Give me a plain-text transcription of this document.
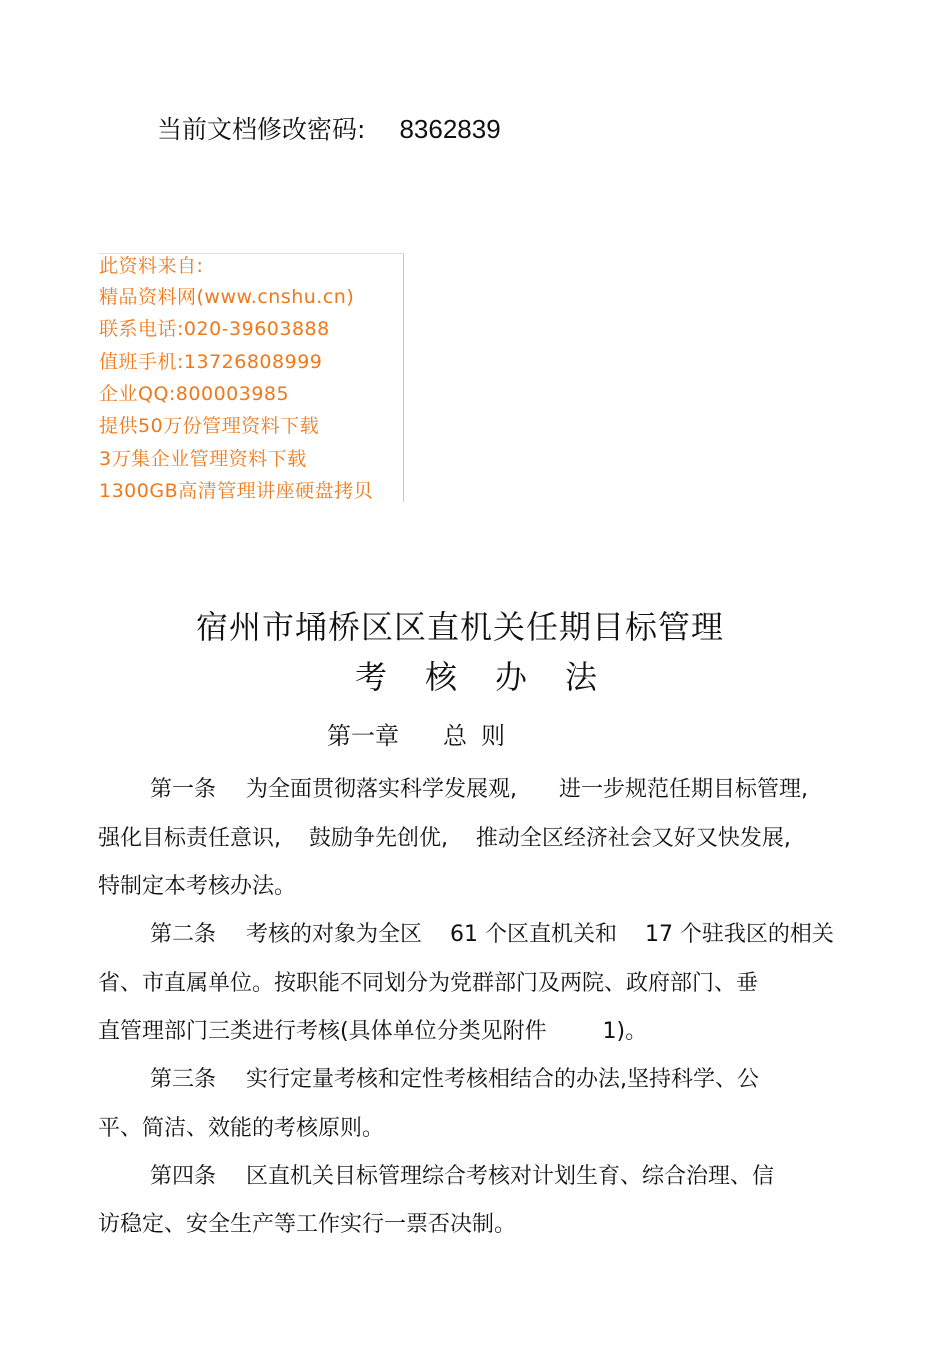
当前文档修改密码: 8362839
此资料来自:
精品资料网(www.cnshu.cn)
联系电话:020-39603888
值班手机:13726808999
企业QQ:800003985
提供50万份管理资料下载
3万集企业管理资料下载
1300GB高清管理讲座硬盘拷贝
宿州市埇桥区区直机关任期目标管理
考 核 办 法
第一章 总 则
第一条 为全面贯彻落实科学发展观,      进一步规范任期目标管理,
强化目标责任意识,    鼓励争先创优,    推动全区经济社会又好又快发展,
特制定本考核办法。
第二条 考核的对象为全区    61 个区直机关和    17 个驻我区的相关
省、市直属单位。按职能不同划分为党群部门及两院、政府部门、垂
直管理部门三类进行考核(具体单位分类见附件        1)。
第三条 实行定量考核和定性考核相结合的办法,坚持科学、公
平、简洁、效能的考核原则。
第四条 区直机关目标管理综合考核对计划生育、综合治理、信
访稳定、安全生产等工作实行一票否决制。
